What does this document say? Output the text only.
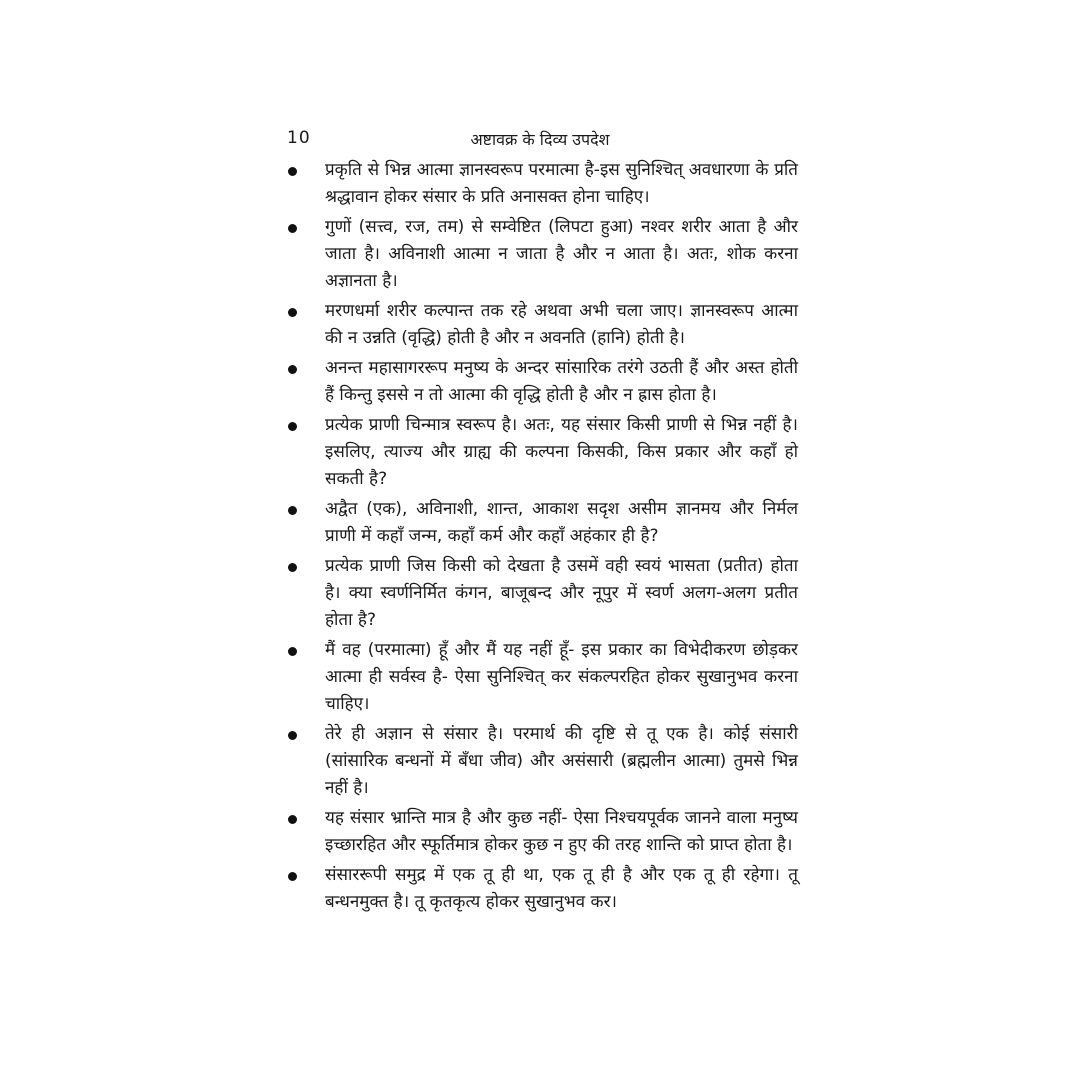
10	अष्टावक्र के दिव्य उपदेश
प्रकृति से भिन्न आत्मा ज्ञानस्वरूप परमात्मा है-इस सुनिश्चित् अवधारणा के प्रति श्रद्धावान होकर संसार के प्रति अनासक्त होना चाहिए।
गुणों (सत्त्व, रज, तम) से सम्वेष्टित (लिपटा हुआ) नश्वर शरीर आता है और जाता है। अविनाशी आत्मा न जाता है और न आता है। अतः, शोक करना अज्ञानता है।
मरणधर्मा शरीर कल्पान्त तक रहे अथवा अभी चला जाए। ज्ञानस्वरूप आत्मा की न उन्नति (वृद्धि) होती है और न अवनति (हानि) होती है।
अनन्त महासागररूप मनुष्य के अन्दर सांसारिक तरंगे उठती हैं और अस्त होती हैं किन्तु इससे न तो आत्मा की वृद्धि होती है और न ह्रास होता है।
प्रत्येक प्राणी चिन्मात्र स्वरूप है। अतः, यह संसार किसी प्राणी से भिन्न नहीं है। इसलिए, त्याज्य और ग्राह्य की कल्पना किसकी, किस प्रकार और कहाँ हो सकती है?
अद्वैत (एक), अविनाशी, शान्त, आकाश सदृश असीम ज्ञानमय और निर्मल प्राणी में कहाँ जन्म, कहाँ कर्म और कहाँ अहंकार ही है?
प्रत्येक प्राणी जिस किसी को देखता है उसमें वही स्वयं भासता (प्रतीत) होता है। क्या स्वर्णनिर्मित कंगन, बाजूबन्द और नूपुर में स्वर्ण अलग-अलग प्रतीत होता है?
मैं वह (परमात्मा) हूँ और मैं यह नहीं हूँ- इस प्रकार का विभेदीकरण छोड़कर आत्मा ही सर्वस्व है- ऐसा सुनिश्चित् कर संकल्परहित होकर सुखानुभव करना चाहिए।
तेरे ही अज्ञान से संसार है। परमार्थ की दृष्टि से तू एक है। कोई संसारी (सांसारिक बन्धनों में बँधा जीव) और असंसारी (ब्रह्मलीन आत्मा) तुमसे भिन्न नहीं है।
यह संसार भ्रान्ति मात्र है और कुछ नहीं- ऐसा निश्चयपूर्वक जानने वाला मनुष्य इच्छारहित और स्फूर्तिमात्र होकर कुछ न हुए की तरह शान्ति को प्राप्त होता है।
संसाररूपी समुद्र में एक तू ही था, एक तू ही है और एक तू ही रहेगा। तू बन्धनमुक्त है। तू कृतकृत्य होकर सुखानुभव कर।
